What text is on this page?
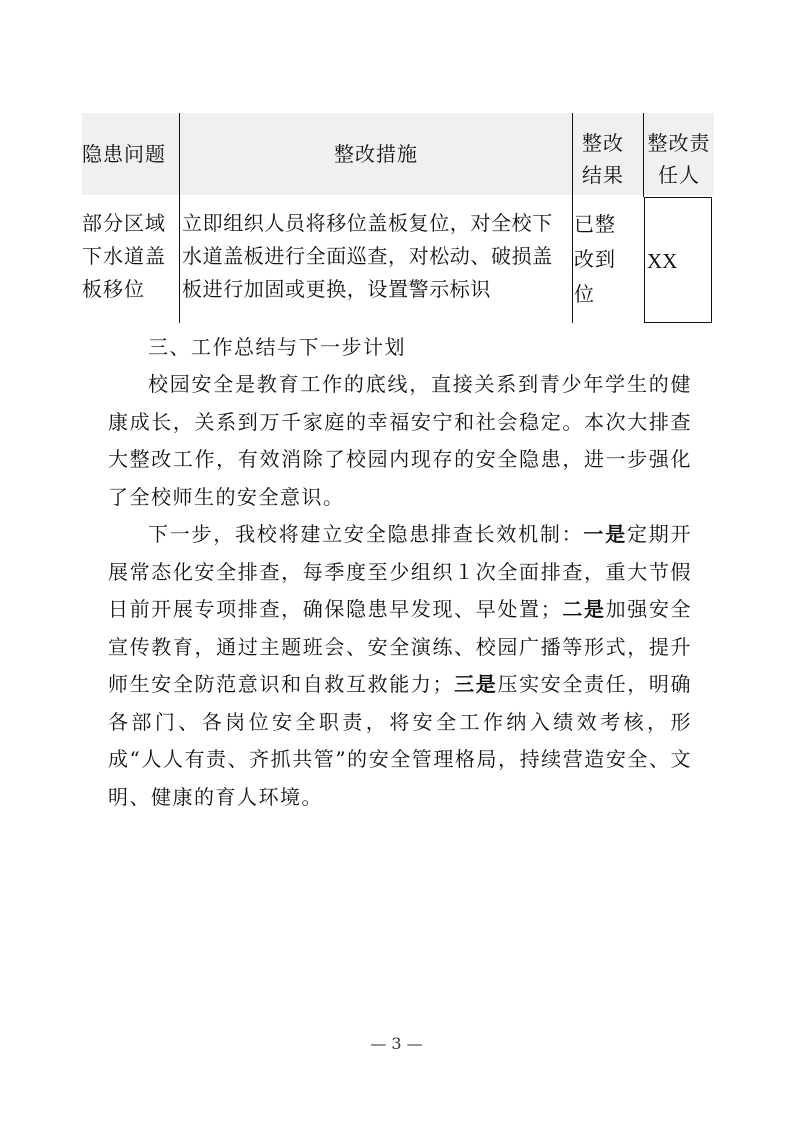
隐患问题	整改措施	整改
结果
整改责
任人
部分区域下水道盖板移位
立即组织人员将移位盖板复位，对全校下水道盖板进行全面巡查，对松动、破损盖板进行加固或更换，设置警示标识
已整改到位
XX

三、工作总结与下一步计划

校园安全是教育工作的底线，直接关系到青少年学生的健康成长，关系到万千家庭的幸福安宁和社会稳定。本次大排查大整改工作，有效消除了校园内现存的安全隐患，进一步强化了全校师生的安全意识。

下一步，我校将建立安全隐患排查长效机制：一是定期开展常态化安全排查，每季度至少组织１次全面排查，重大节假日前开展专项排查，确保隐患早发现、早处置；二是加强安全宣传教育，通过主题班会、安全演练、校园广播等形式，提升师生安全防范意识和自救互救能力；三是压实安全责任，明确各部门、各岗位安全职责，将安全工作纳入绩效考核，形成“人人有责、齐抓共管”的安全管理格局，持续营造安全、文明、健康的育人环境。

— 3 —
